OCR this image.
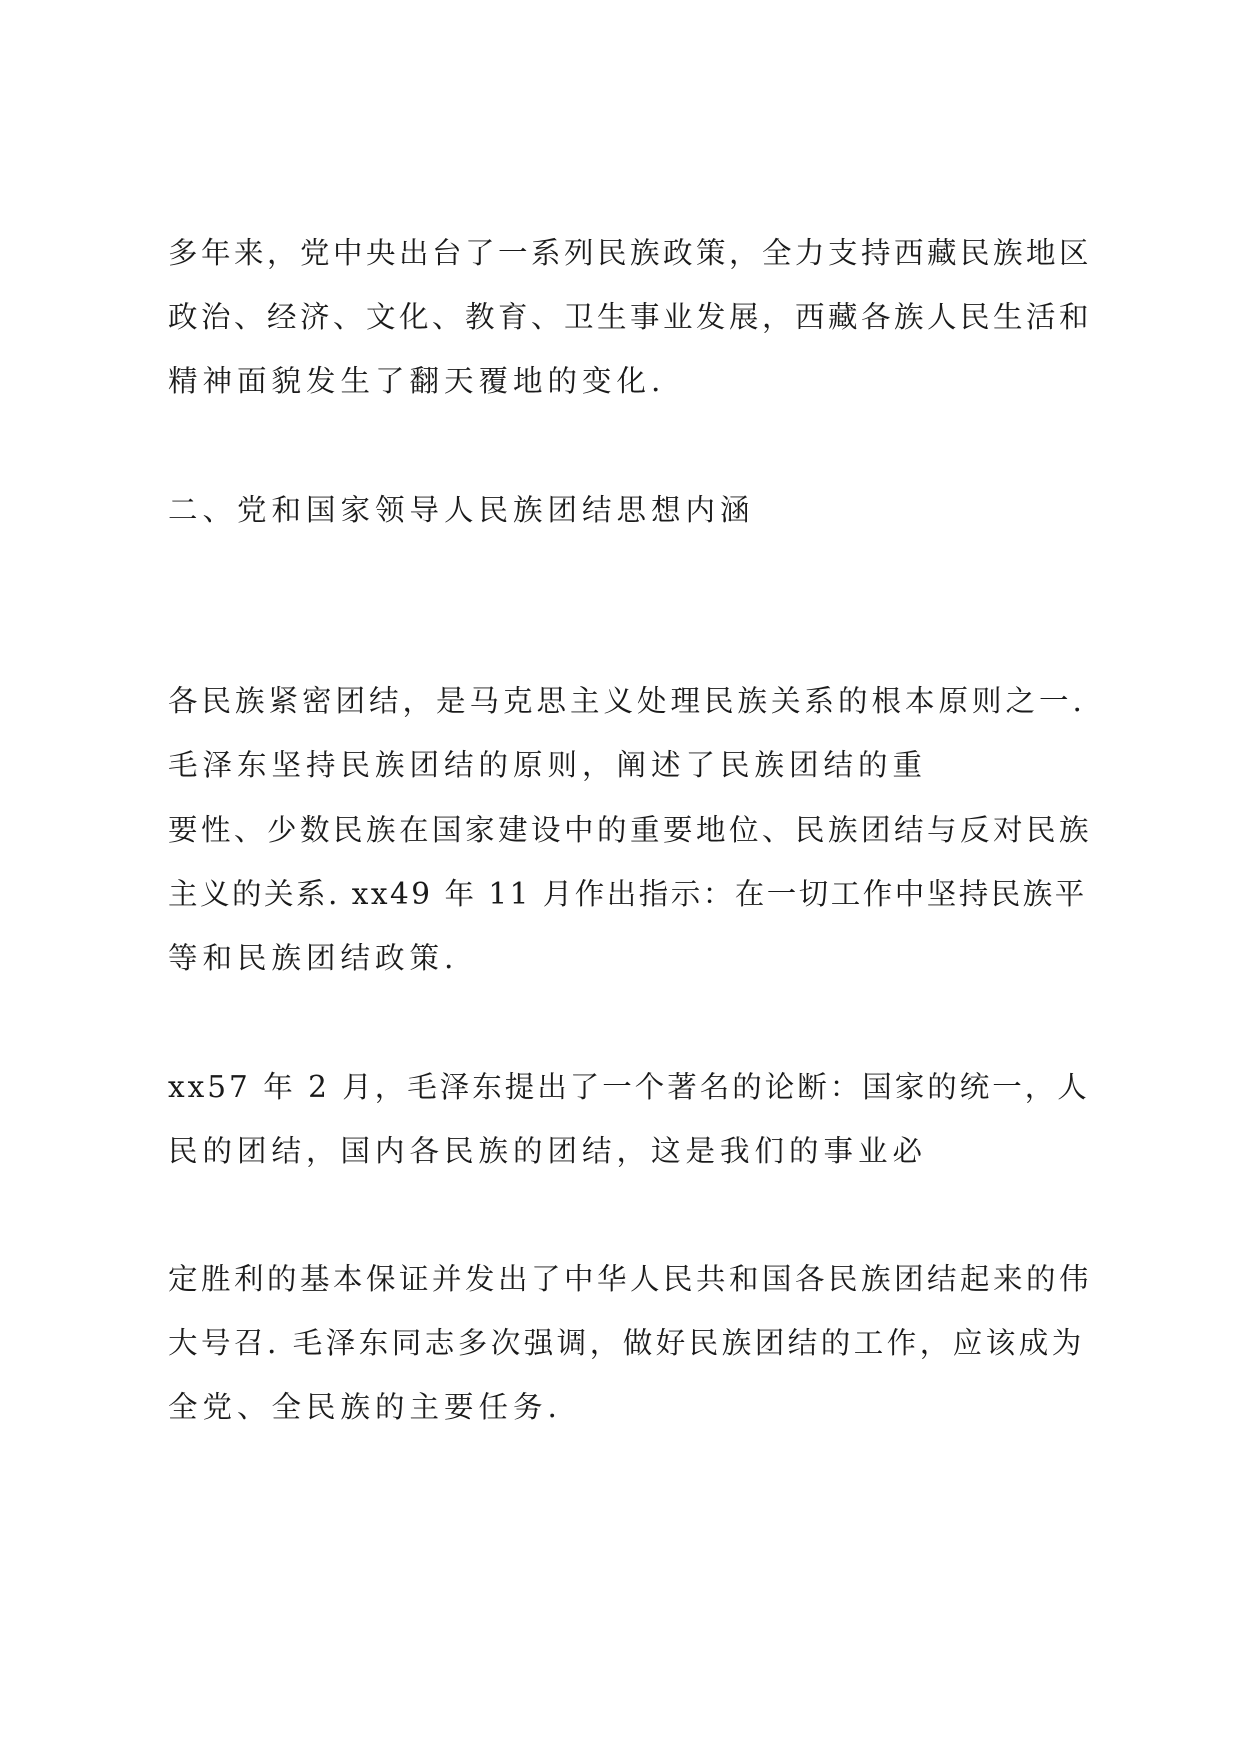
多年来，党中央出台了一系列民族政策，全力支持西藏民族地区
政治、经济、文化、教育、卫生事业发展，西藏各族人民生活和
精神面貌发生了翻天覆地的变化.
二、党和国家领导人民族团结思想内涵
各民族紧密团结，是马克思主义处理民族关系的根本原则之一.
毛泽东坚持民族团结的原则，阐述了民族团结的重
要性、少数民族在国家建设中的重要地位、民族团结与反对民族
主义的关系. xx49 年 11 月作出指示：在一切工作中坚持民族平
等和民族团结政策.
xx57 年 2 月，毛泽东提出了一个著名的论断：国家的统一，人
民的团结，国内各民族的团结，这是我们的事业必
定胜利的基本保证并发出了中华人民共和国各民族团结起来的伟
大号召. 毛泽东同志多次强调，做好民族团结的工作，应该成为
全党、全民族的主要任务.
